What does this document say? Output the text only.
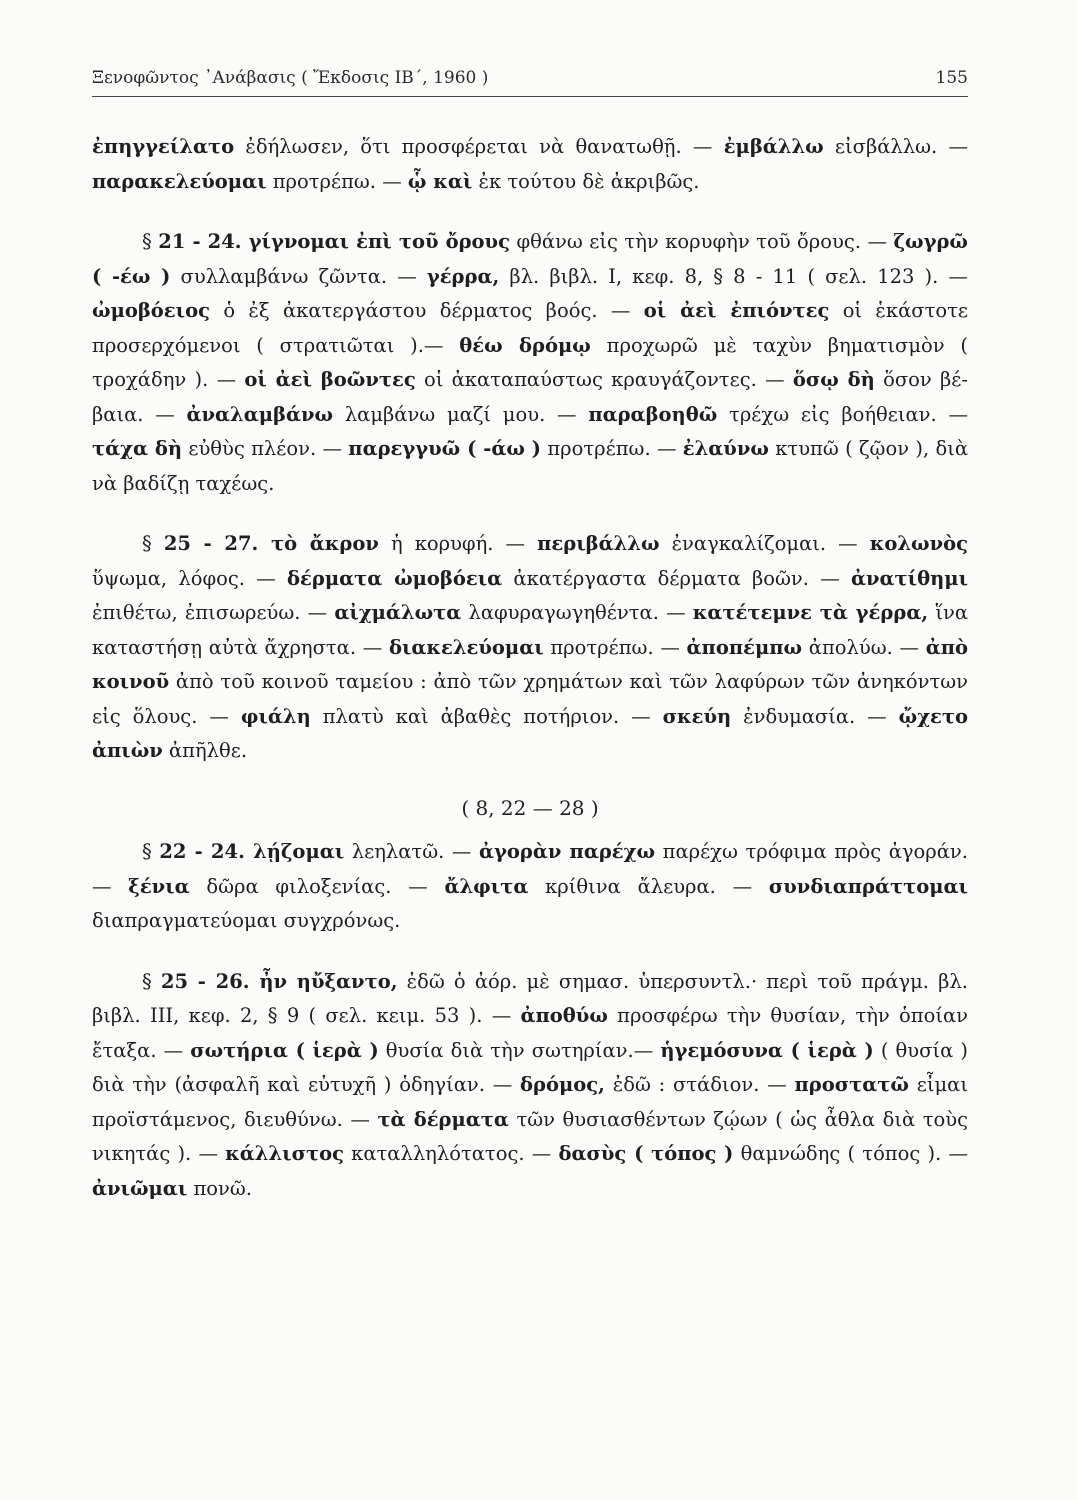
Ξενοφῶντος ᾿Ανάβασις ( Ἔκδοσις ΙΒ΄, 1960 )	155

ἐπηγγείλατο ἐδήλωσεν, ὅτι προσφέρεται νὰ θανατωθῇ. — ἐμβάλλω εἰσβάλλω. — παρακελεύομαι προτρέπω. — ᾧ καὶ ἐκ τούτου δὲ ἀκριβῶς.

§ 21 - 24. γίγνομαι ἐπὶ τοῦ ὄρους φθάνω εἰς τὴν κορυφὴν τοῦ ὄρους. — ζωγρῶ ( -έω ) συλλαμβάνω ζῶντα. — γέρρα, βλ. βιβλ. Ι, κεφ. 8, § 8 - 11 ( σελ. 123 ). — ὠμοβόειος ὁ ἐξ ἀκατεργάστου δέρματος βοός. — οἱ ἀεὶ ἐπιόντες οἱ ἑκάστοτε προσερχόμενοι ( στρατιῶται ).— θέω δρόμῳ προχωρῶ μὲ ταχὺν βηματισμὸν ( τροχάδην ). — οἱ ἀεὶ βοῶντες οἱ ἀκαταπαύστως κραυγάζοντες. — ὅσῳ δὴ ὅσον βέβαια. — ἀναλαμβάνω λαμβάνω μαζί μου. — παραβοηθῶ τρέχω εἰς βοήθειαν. — τάχα δὴ εὐθὺς πλέον. — παρεγγυῶ ( -άω ) προτρέπω. — ἐλαύνω κτυπῶ ( ζῷον ), διὰ νὰ βαδίζῃ ταχέως.

§ 25 - 27. τὸ ἄκρον ἡ κορυφή. — περιβάλλω ἐναγκαλίζομαι. — κολωνὸς ὕψωμα, λόφος. — δέρματα ὠμοβόεια ἀκατέργαστα δέρματα βοῶν. — ἀνατίθημι ἐπιθέτω, ἐπισωρεύω. — αἰχμάλωτα λαφυραγωγηθέντα. — κατέτεμνε τὰ γέρρα, ἵνα καταστήσῃ αὐτὰ ἄχρηστα. — διακελεύομαι προτρέπω. — ἀποπέμπω ἀπολύω. — ἀπὸ κοινοῦ ἀπὸ τοῦ κοινοῦ ταμείου : ἀπὸ τῶν χρημάτων καὶ τῶν λαφύρων τῶν ἀνηκόντων εἰς ὅλους. — φιάλη πλατὺ καὶ ἀβαθὲς ποτήριον. — σκεύη ἐνδυμασία. — ᾤχετο ἀπιὼν ἀπῆλθε.

( 8, 22 — 28 )

§ 22 - 24. λῄζομαι λεηλατῶ. — ἀγορὰν παρέχω παρέχω τρόφιμα πρὸς ἀγοράν. — ξένια δῶρα φιλοξενίας. — ἄλφιτα κρίθινα ἄλευρα. — συνδιαπράττομαι διαπραγματεύομαι συγχρόνως.

§ 25 - 26. ἦν ηὔξαντο, ἐδῶ ὁ ἀόρ. μὲ σημασ. ὑπερσυντλ.· περὶ τοῦ πράγμ. βλ. βιβλ. ΙΙΙ, κεφ. 2, § 9 ( σελ. κειμ. 53 ). — ἀποθύω προσφέρω τὴν θυσίαν, τὴν ὁποίαν ἔταξα. — σωτήρια ( ἱερὰ ) θυσία διὰ τὴν σωτηρίαν.— ἡγεμόσυνα ( ἱερὰ ) ( θυσία ) διὰ τὴν (ἀσφαλῆ καὶ εὐτυχῆ ) ὁδηγίαν. — δρόμος, ἐδῶ : στάδιον. — προστατῶ εἶμαι προϊστάμενος, διευθύνω. — τὰ δέρματα τῶν θυσιασθέντων ζῴων ( ὡς ἆθλα διὰ τοὺς νικητάς ). — κάλλιστος καταλληλότατος. — δασὺς ( τόπος ) θαμνώδης ( τόπος ). — ἀνιῶμαι πονῶ.
